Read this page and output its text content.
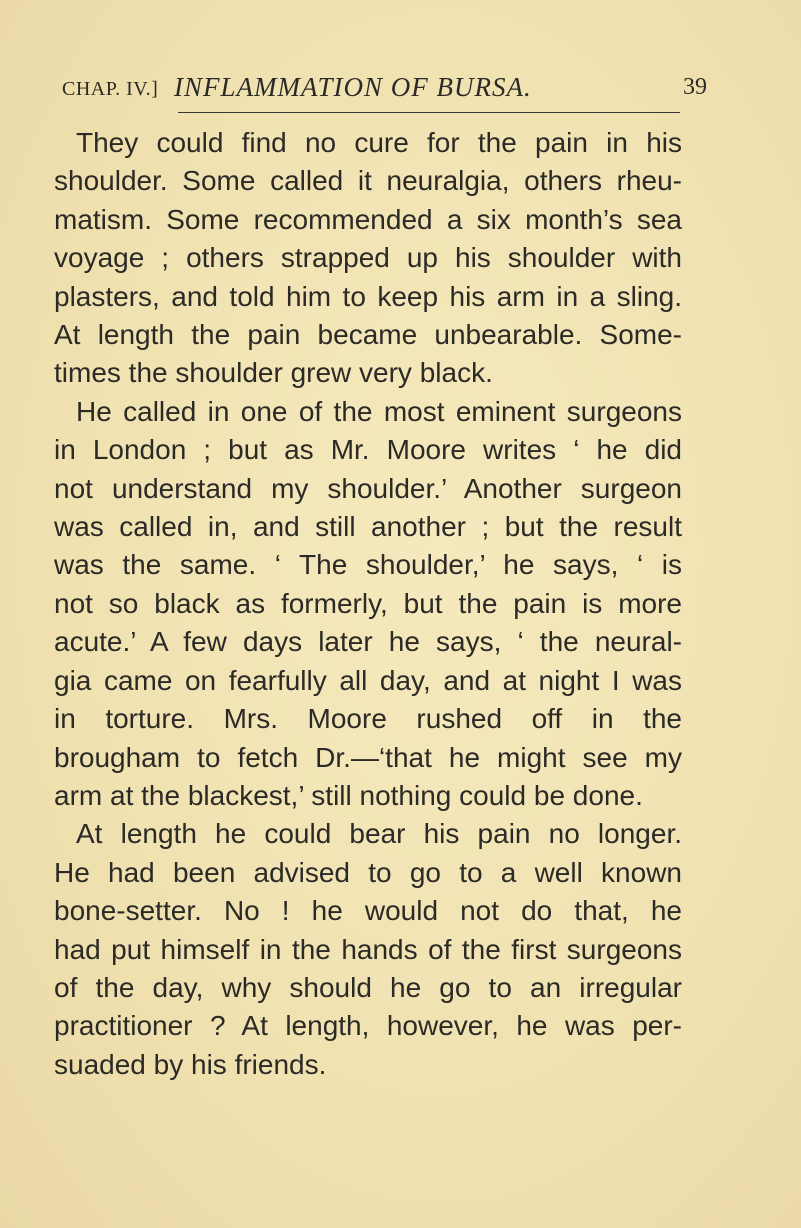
CHAP. IV.] INFLAMMATION OF BURSA.	39
They could find no cure for the pain in his
shoulder. Some called it neuralgia, others rheu-
matism. Some recommended a six month’s sea
voyage ; others strapped up his shoulder with
plasters, and told him to keep his arm in a sling.
At length the pain became unbearable. Some-
times the shoulder grew very black.
He called in one of the most eminent surgeons
in London ; but as Mr. Moore writes ‘ he did
not understand my shoulder.’ Another surgeon
was called in, and still another ; but the result
was the same. ‘ The shoulder,’ he says, ‘ is
not so black as formerly, but the pain is more
acute.’ A few days later he says, ‘ the neural-
gia came on fearfully all day, and at night I was
in torture. Mrs. Moore rushed off in the
brougham to fetch Dr.—‘that he might see my
arm at the blackest,’ still nothing could be done.
At length he could bear his pain no longer.
He had been advised to go to a well known
bone-setter. No ! he would not do that, he
had put himself in the hands of the first surgeons
of the day, why should he go to an irregular
practitioner ? At length, however, he was per-
suaded by his friends.
